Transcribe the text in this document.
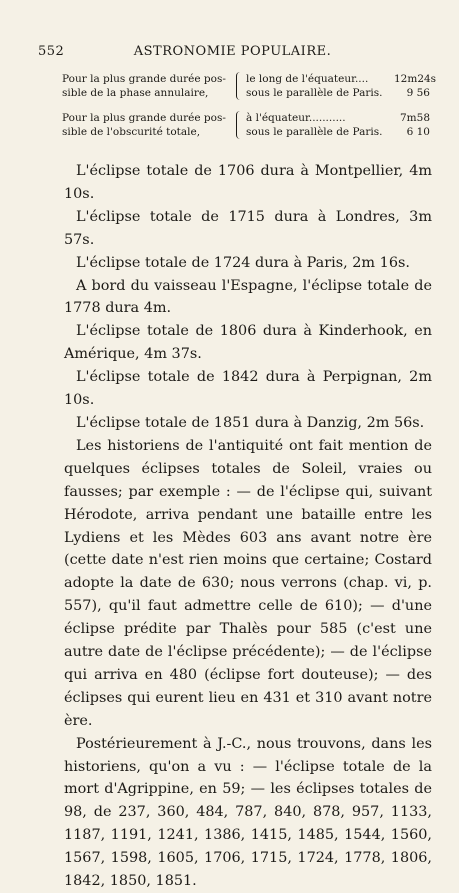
552	ASTRONOMIE POPULAIRE.
Pour la plus grande durée pos-
sible de la phase annulaire,
le long de l'équateur....
sous le parallèle de Paris.
12m24s
9 56
Pour la plus grande durée pos-
sible de l'obscurité totale,
à l'équateur...........
sous le parallèle de Paris.
7m58
6 10

L'éclipse totale de 1706 dura à Montpellier, 4m 10s.

L'éclipse totale de 1715 dura à Londres, 3m 57s.

L'éclipse totale de 1724 dura à Paris, 2m 16s.

A bord du vaisseau l'Espagne, l'éclipse totale de 1778 dura 4m.

L'éclipse totale de 1806 dura à Kinderhook, en Amérique, 4m 37s.

L'éclipse totale de 1842 dura à Perpignan, 2m 10s.

L'éclipse totale de 1851 dura à Danzig, 2m 56s.

Les historiens de l'antiquité ont fait mention de quelques éclipses totales de Soleil, vraies ou fausses; par exemple : — de l'éclipse qui, suivant Hérodote, arriva pendant une bataille entre les Lydiens et les Mèdes 603 ans avant notre ère (cette date n'est rien moins que certaine; Costard adopte la date de 630; nous verrons (chap. vi, p. 557), qu'il faut admettre celle de 610); — d'une éclipse prédite par Thalès pour 585 (c'est une autre date de l'éclipse précédente); — de l'éclipse qui arriva en 480 (éclipse fort douteuse); — des éclipses qui eurent lieu en 431 et 310 avant notre ère.

Postérieurement à J.-C., nous trouvons, dans les historiens, qu'on a vu : — l'éclipse totale de la mort d'Agrippine, en 59; — les éclipses totales de 98, de 237, 360, 484, 787, 840, 878, 957, 1133, 1187, 1191, 1241, 1386, 1415, 1485, 1544, 1560, 1567, 1598, 1605, 1706, 1715, 1724, 1778, 1806, 1842, 1850, 1851.
